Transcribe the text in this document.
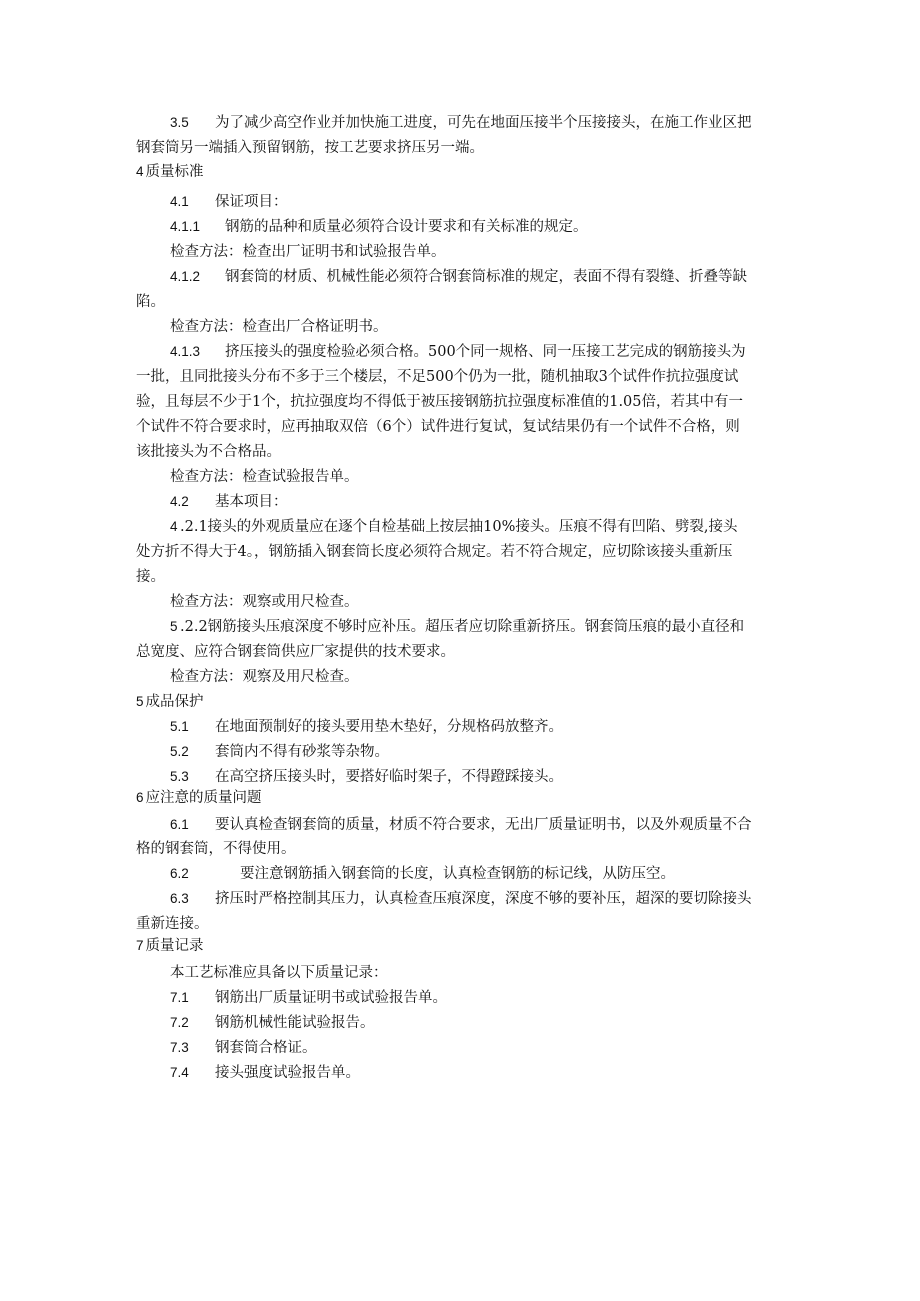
3.5 为了减少高空作业并加快施工进度，可先在地面压接半个压接接头，在施工作业区把
钢套筒另一端插入预留钢筋，按工艺要求挤压另一端。
4 质量标准
4.1 保证项目：
4.1.1 钢筋的品种和质量必须符合设计要求和有关标准的规定。
检查方法：检查出厂证明书和试验报告单。
4.1.2 钢套筒的材质、机械性能必须符合钢套筒标准的规定，表面不得有裂缝、折叠等缺
陷。
检查方法：检查出厂合格证明书。
4.1.3 挤压接头的强度检验必须合格。500个同一规格、同一压接工艺完成的钢筋接头为
一批，且同批接头分布不多于三个楼层，不足500个仍为一批，随机抽取3个试件作抗拉强度试
验，且每层不少于1个，抗拉强度均不得低于被压接钢筋抗拉强度标准值的1.05倍，若其中有一
个试件不符合要求时，应再抽取双倍（6个）试件进行复试，复试结果仍有一个试件不合格，则
该批接头为不合格品。
检查方法：检查试验报告单。
4.2 基本项目：
4 .2.1接头的外观质量应在逐个自检基础上按层抽10%接头。压痕不得有凹陷、劈裂,接头
处方折不得大于4。，钢筋插入钢套筒长度必须符合规定。若不符合规定，应切除该接头重新压
接。
检查方法：观察或用尺检查。
5 .2.2钢筋接头压痕深度不够时应补压。超压者应切除重新挤压。钢套筒压痕的最小直径和
总宽度、应符合钢套筒供应厂家提供的技术要求。
检查方法：观察及用尺检查。
5 成品保护
5.1 在地面预制好的接头要用垫木垫好，分规格码放整齐。
5.2 套筒内不得有砂浆等杂物。
5.3 在高空挤压接头时，要搭好临时架子，不得蹬踩接头。
6 应注意的质量问题
6.1 要认真检查钢套筒的质量，材质不符合要求，无出厂质量证明书，以及外观质量不合
格的钢套筒，不得使用。
6.2	要注意钢筋插入钢套筒的长度，认真检查钢筋的标记线，从防压空。
6.3 挤压时严格控制其压力，认真检查压痕深度，深度不够的要补压，超深的要切除接头
重新连接。
7 质量记录
本工艺标准应具备以下质量记录：
7.1 钢筋出厂质量证明书或试验报告单。
7.2 钢筋机械性能试验报告。
7.3 钢套筒合格证。
7.4 接头强度试验报告单。
